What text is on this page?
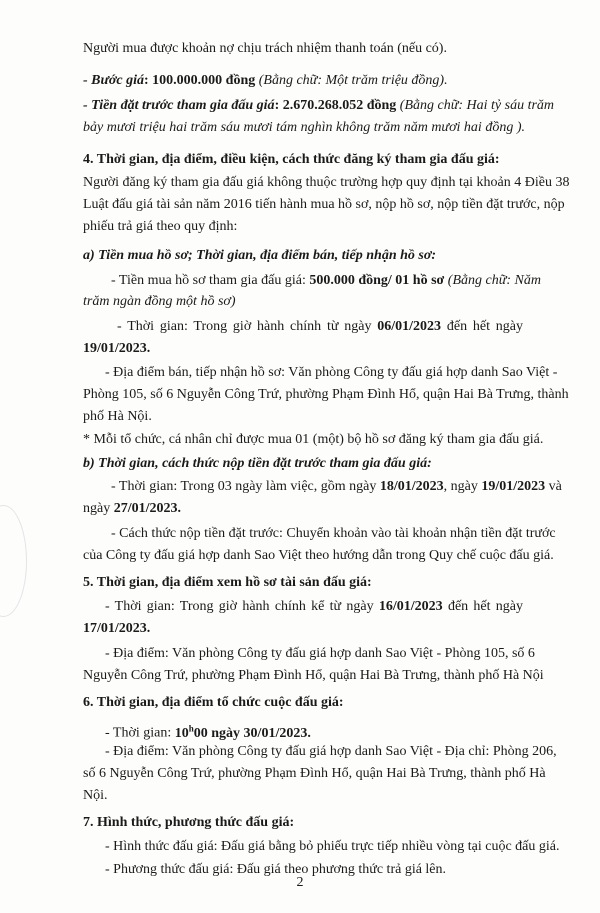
Người mua được khoản nợ chịu trách nhiệm thanh toán (nếu có).
- Bước giá: 100.000.000 đồng (Bằng chữ: Một trăm triệu đồng).
- Tiền đặt trước tham gia đấu giá: 2.670.268.052 đồng (Bằng chữ: Hai tỷ sáu trăm
bảy mươi triệu hai trăm sáu mươi tám nghìn không trăm năm mươi hai đồng ).
4. Thời gian, địa điểm, điều kiện, cách thức đăng ký tham gia đấu giá:
Người đăng ký tham gia đấu giá không thuộc trường hợp quy định tại khoản 4 Điều 38
Luật đấu giá tài sản năm 2016 tiến hành mua hồ sơ, nộp hồ sơ, nộp tiền đặt trước, nộp
phiếu trả giá theo quy định:
a) Tiền mua hồ sơ; Thời gian, địa điểm bán, tiếp nhận hồ sơ:
- Tiền mua hồ sơ tham gia đấu giá: 500.000 đồng/ 01 hồ sơ (Bằng chữ: Năm
trăm ngàn đồng một hồ sơ)
- Thời gian: Trong giờ hành chính từ ngày 06/01/2023 đến hết ngày
19/01/2023.
- Địa điểm bán, tiếp nhận hồ sơ: Văn phòng Công ty đấu giá hợp danh Sao Việt -
Phòng 105, số 6 Nguyễn Công Trứ, phường Phạm Đình Hổ, quận Hai Bà Trưng, thành
phố Hà Nội.
* Mỗi tổ chức, cá nhân chỉ được mua 01 (một) bộ hồ sơ đăng ký tham gia đấu giá.
b) Thời gian, cách thức nộp tiền đặt trước tham gia đấu giá:
- Thời gian: Trong 03 ngày làm việc, gồm ngày 18/01/2023, ngày 19/01/2023 và
ngày 27/01/2023.
- Cách thức nộp tiền đặt trước: Chuyển khoản vào tài khoản nhận tiền đặt trước
của Công ty đấu giá hợp danh Sao Việt theo hướng dẫn trong Quy chế cuộc đấu giá.
5. Thời gian, địa điểm xem hồ sơ tài sản đấu giá:
- Thời gian: Trong giờ hành chính kể từ ngày 16/01/2023 đến hết ngày
17/01/2023.
- Địa điểm: Văn phòng Công ty đấu giá hợp danh Sao Việt - Phòng 105, số 6
Nguyễn Công Trứ, phường Phạm Đình Hổ, quận Hai Bà Trưng, thành phố Hà Nội
6. Thời gian, địa điểm tổ chức cuộc đấu giá:
- Thời gian: 10$^h$00 ngày 30/01/2023.
- Địa điểm: Văn phòng Công ty đấu giá hợp danh Sao Việt - Địa chỉ: Phòng 206,
số 6 Nguyễn Công Trứ, phường Phạm Đình Hổ, quận Hai Bà Trưng, thành phố Hà
Nội.
7. Hình thức, phương thức đấu giá:
- Hình thức đấu giá: Đấu giá bằng bỏ phiếu trực tiếp nhiều vòng tại cuộc đấu giá.
- Phương thức đấu giá: Đấu giá theo phương thức trả giá lên.
2
